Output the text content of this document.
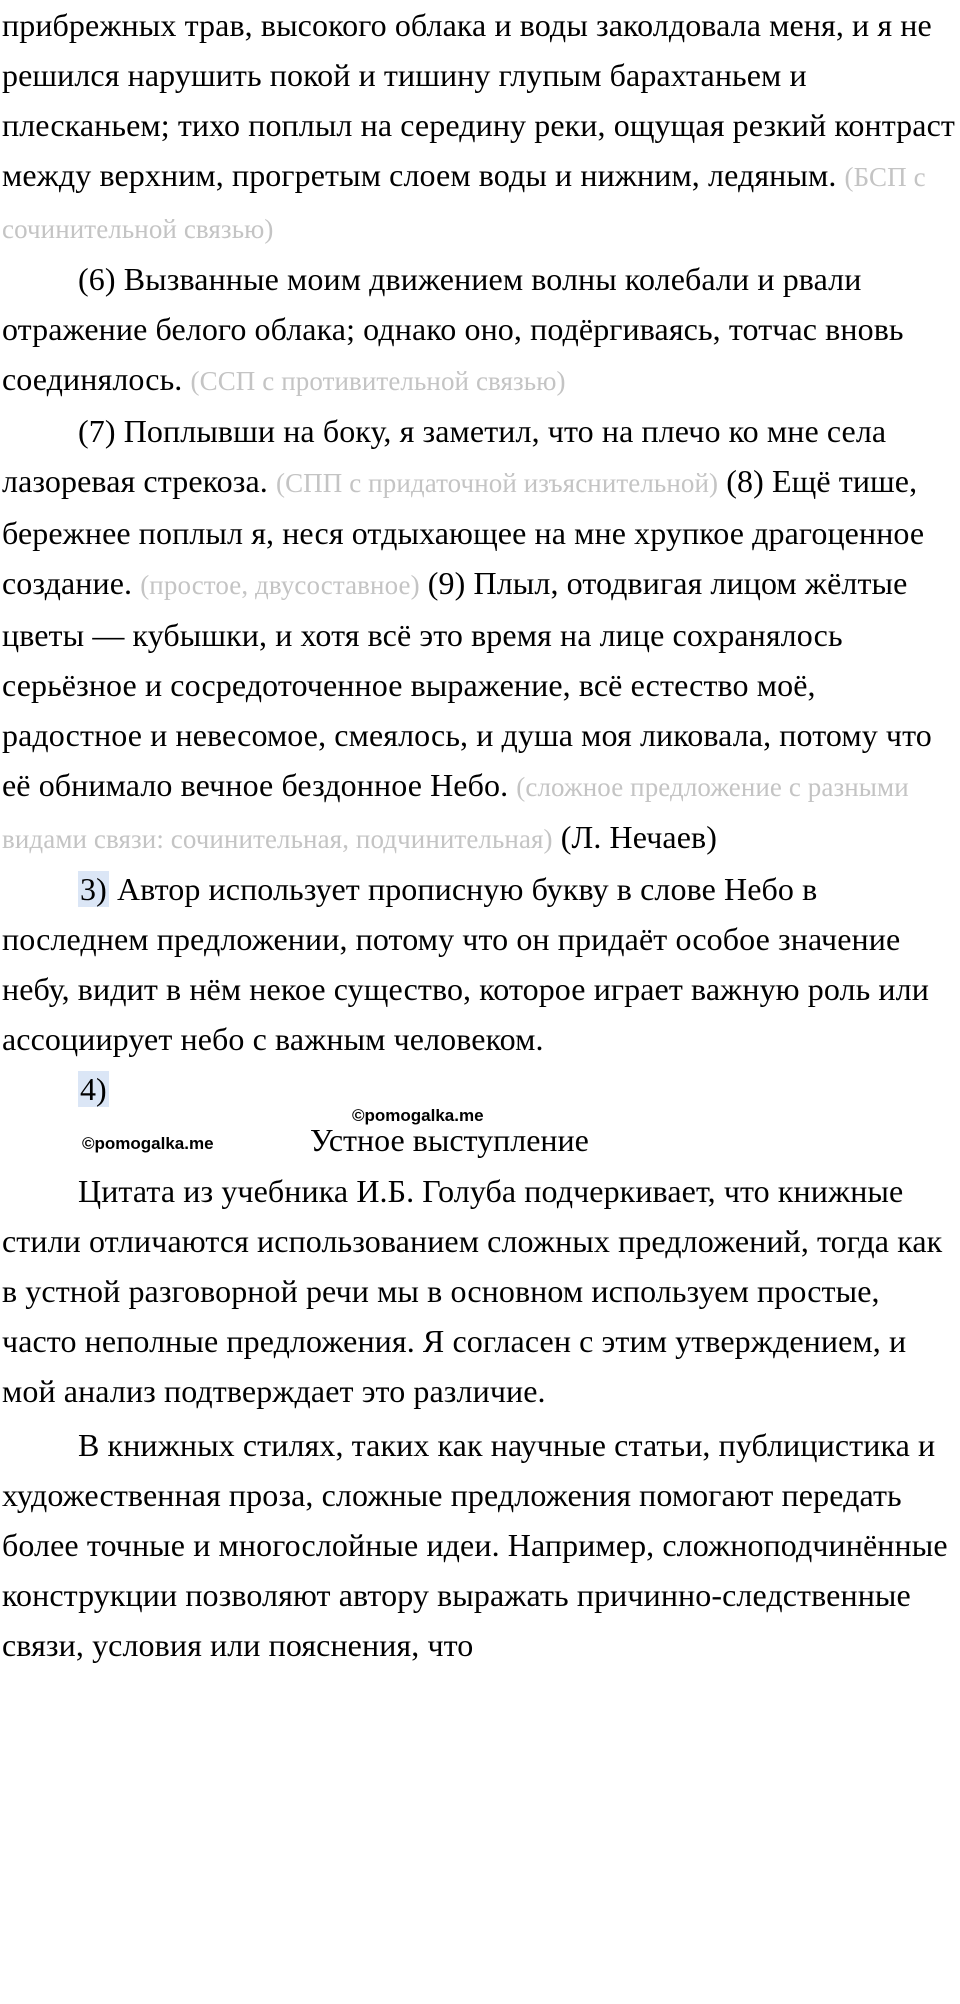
прибрежных трав, высокого облака и воды заколдовала меня, и я не решился нарушить покой и тишину глупым барахтаньем и плесканьем; тихо поплыл на середину реки, ощущая резкий контраст между верхним, прогретым слоем воды и нижним, ледяным. (БСП с сочинительной связью)

(6) Вызванные моим движением волны колебали и рвали отражение белого облака; однако оно, подёргиваясь, тотчас вновь соединялось. (ССП с противительной связью)

(7) Поплывши на боку, я заметил, что на плечо ко мне села лазоревая стрекоза. (СПП с придаточной изъяснительной) (8) Ещё тише, бережнее поплыл я, неся отдыхающее на мне хрупкое драгоценное создание. (простое, двусоставное) (9) Плыл, отодвигая лицом жёлтые цветы — кубышки, и хотя всё это время на лице сохранялось серьёзное и сосредоточенное выражение, всё естество моё, радостное и невесомое, смеялось, и душа моя ликовала, потому что её обнимало вечное бездонное Небо. (сложное предложение с разными видами связи: сочинительная, подчинительная) (Л. Нечаев)

3) Автор использует прописную букву в слове Небо в последнем предложении, потому что он придаёт особое значение небу, видит в нём некое существо, которое играет важную роль или ассоциирует небо с важным человеком.

4)
©pomogalka.me
©pomogalka.me	Устное выступление

Цитата из учебника И.Б. Голуба подчеркивает, что книжные стили отличаются использованием сложных предложений, тогда как в устной разговорной речи мы в основном используем простые, часто неполные предложения. Я согласен с этим утверждением, и мой анализ подтверждает это различие.

В книжных стилях, таких как научные статьи, публицистика и художественная проза, сложные предложения помогают передать более точные и многослойные идеи. Например, сложноподчинённые конструкции позволяют автору выражать причинно-следственные связи, условия или пояснения, что
